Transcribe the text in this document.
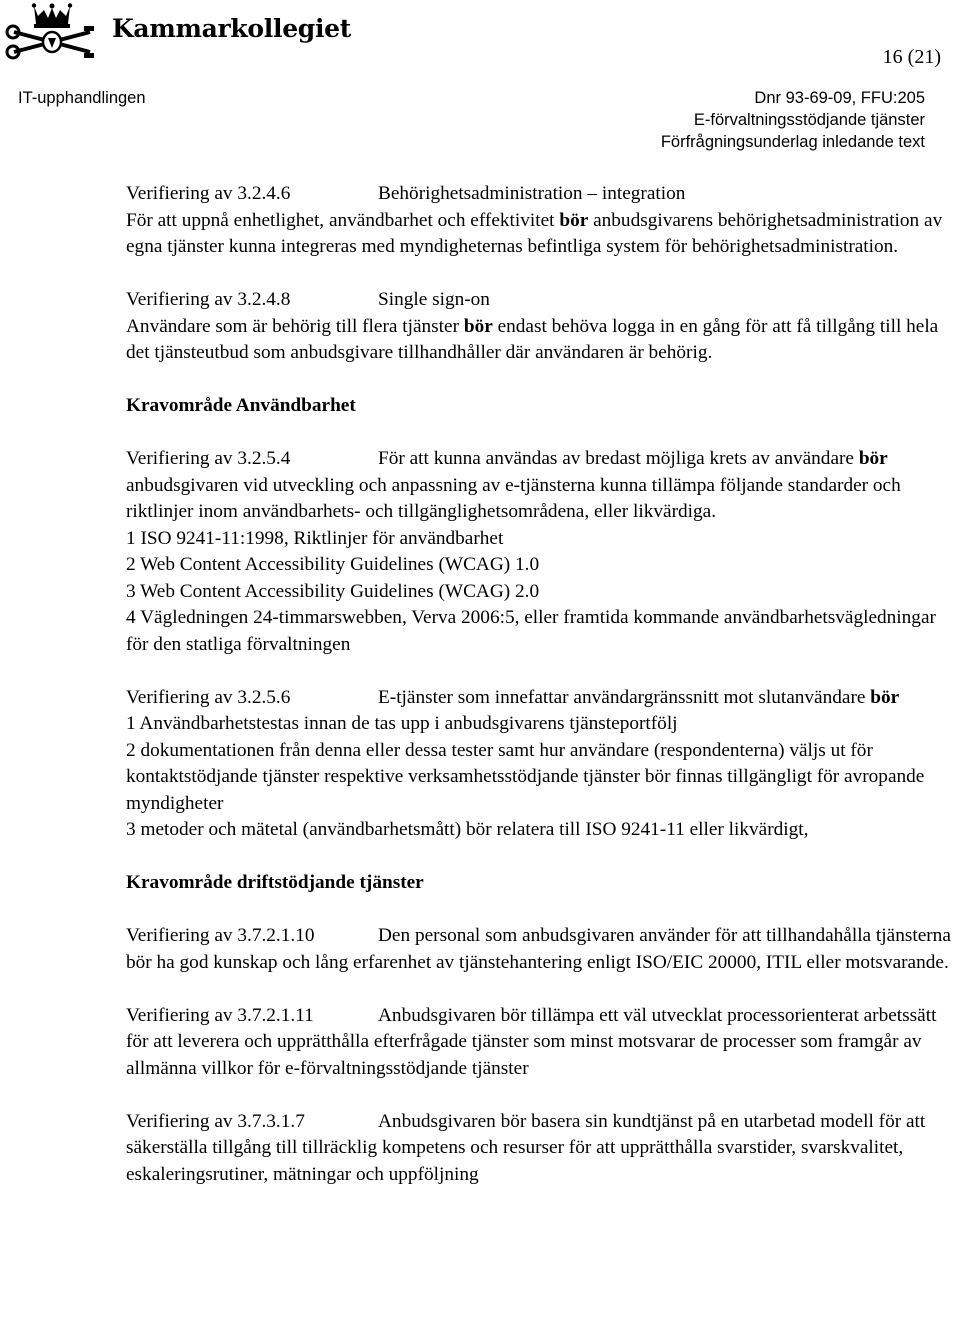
Kammarkollegiet
16 (21)
IT-upphandlingen	Dnr 93-69-09, FFU:205
E-förvaltningsstödjande tjänster
Förfrågningsunderlag inledande text

Verifiering av 3.2.4.6	Behörighetsadministration – integration
För att uppnå enhetlighet, användbarhet och effektivitet bör anbudsgivarens behörighetsadministration av egna tjänster kunna integreras med myndigheternas befintliga system för behörighetsadministration.

Verifiering av 3.2.4.8	Single sign-on
Användare som är behörig till flera tjänster bör endast behöva logga in en gång för att få tillgång till hela det tjänsteutbud som anbudsgivare tillhandhåller där användaren är behörig.

Kravområde Användbarhet

Verifiering av 3.2.5.4	För att kunna användas av bredast möjliga krets av användare bör anbudsgivaren vid utveckling och anpassning av e-tjänsterna kunna tillämpa följande standarder och riktlinjer inom användbarhets- och tillgänglighetsområdena, eller likvärdiga.

1 ISO 9241-11:1998, Riktlinjer för användbarhet

2 Web Content Accessibility Guidelines (WCAG) 1.0

3 Web Content Accessibility Guidelines (WCAG) 2.0

4 Vägledningen 24-timmarswebben, Verva 2006:5, eller framtida kommande användbarhetsvägledningar för den statliga förvaltningen

Verifiering av 3.2.5.6	E-tjänster som innefattar användargränssnitt mot slutanvändare bör

1 Användbarhetstestas innan de tas upp i anbudsgivarens tjänsteportfölj

2 dokumentationen från denna eller dessa tester samt hur användare (respondenterna) väljs ut för kontaktstödjande tjänster respektive verksamhetsstödjande tjänster bör finnas tillgängligt för avropande myndigheter

3 metoder och mätetal (användbarhetsmått) bör relatera till ISO 9241-11 eller likvärdigt,

Kravområde driftstödjande tjänster

Verifiering av 3.7.2.1.10	Den personal som anbudsgivaren använder för att tillhandahålla tjänsterna bör ha god kunskap och lång erfarenhet av tjänstehantering enligt ISO/EIC 20000, ITIL eller motsvarande.

Verifiering av 3.7.2.1.11	Anbudsgivaren bör tillämpa ett väl utvecklat processorienterat arbetssätt för att leverera och upprätthålla efterfrågade tjänster som minst motsvarar de processer som framgår av allmänna villkor för e-förvaltningsstödjande tjänster

Verifiering av 3.7.3.1.7	Anbudsgivaren bör basera sin kundtjänst på en utarbetad modell för att säkerställa tillgång till tillräcklig kompetens och resurser för att upprätthålla svarstider, svarskvalitet, eskaleringsrutiner, mätningar och uppföljning
